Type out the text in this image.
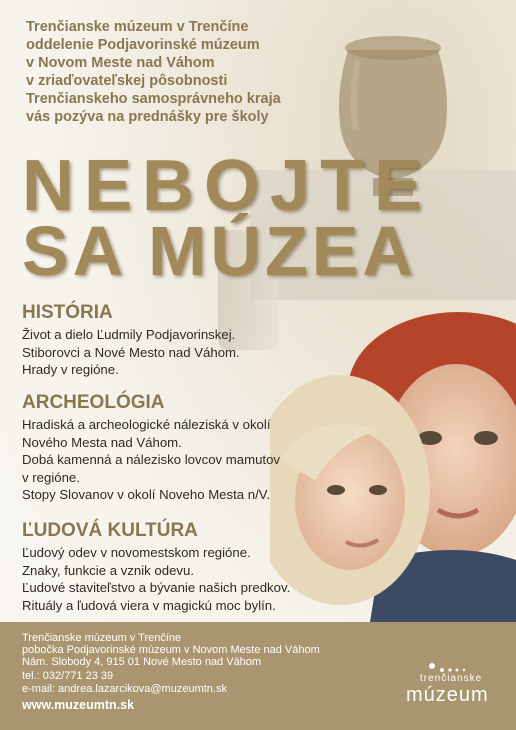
Trenčianske múzeum v Trenčíne
oddelenie Podjavorinské múzeum
v Novom Meste nad Váhom
v zriaďovateľskej pôsobnosti
Trenčianskeho samosprávneho kraja
vás pozýva na prednášky pre školy
NEBOJTE
SA MÚZEA
HISTÓRIA
Život a dielo Ľudmily Podjavorinskej.
Stiborovci a Nové Mesto nad Váhom.
Hrady v regióne.
ARCHEOLÓGIA
Hradiská a archeologické náleziská v okolí
Nového Mesta nad Váhom.
Dobá kamenná a nálezisko lovcov mamutov
v regióne.
Stopy Slovanov v okolí Noveho Mesta n/V.
ĽUDOVÁ KULTÚRA
Ľudový odev v novomestskom regióne.
Znaky, funkcie a vznik odevu.
Ľudové staviteľstvo a bývanie našich predkov.
Rituály a ľudová viera v magickú moc bylín.
Trenčianske múzeum v Trenčíne
pobočka Podjavorinské múzeum v Novom Meste nad Váhom
Nám. Slobody 4, 915 01 Nové Mesto nad Váhom
tel.: 032/771 23 39
e-mail: andrea.lazarcikova@muzeumtn.sk
www.muzeumtn.sk
trenčianske
múzeum
